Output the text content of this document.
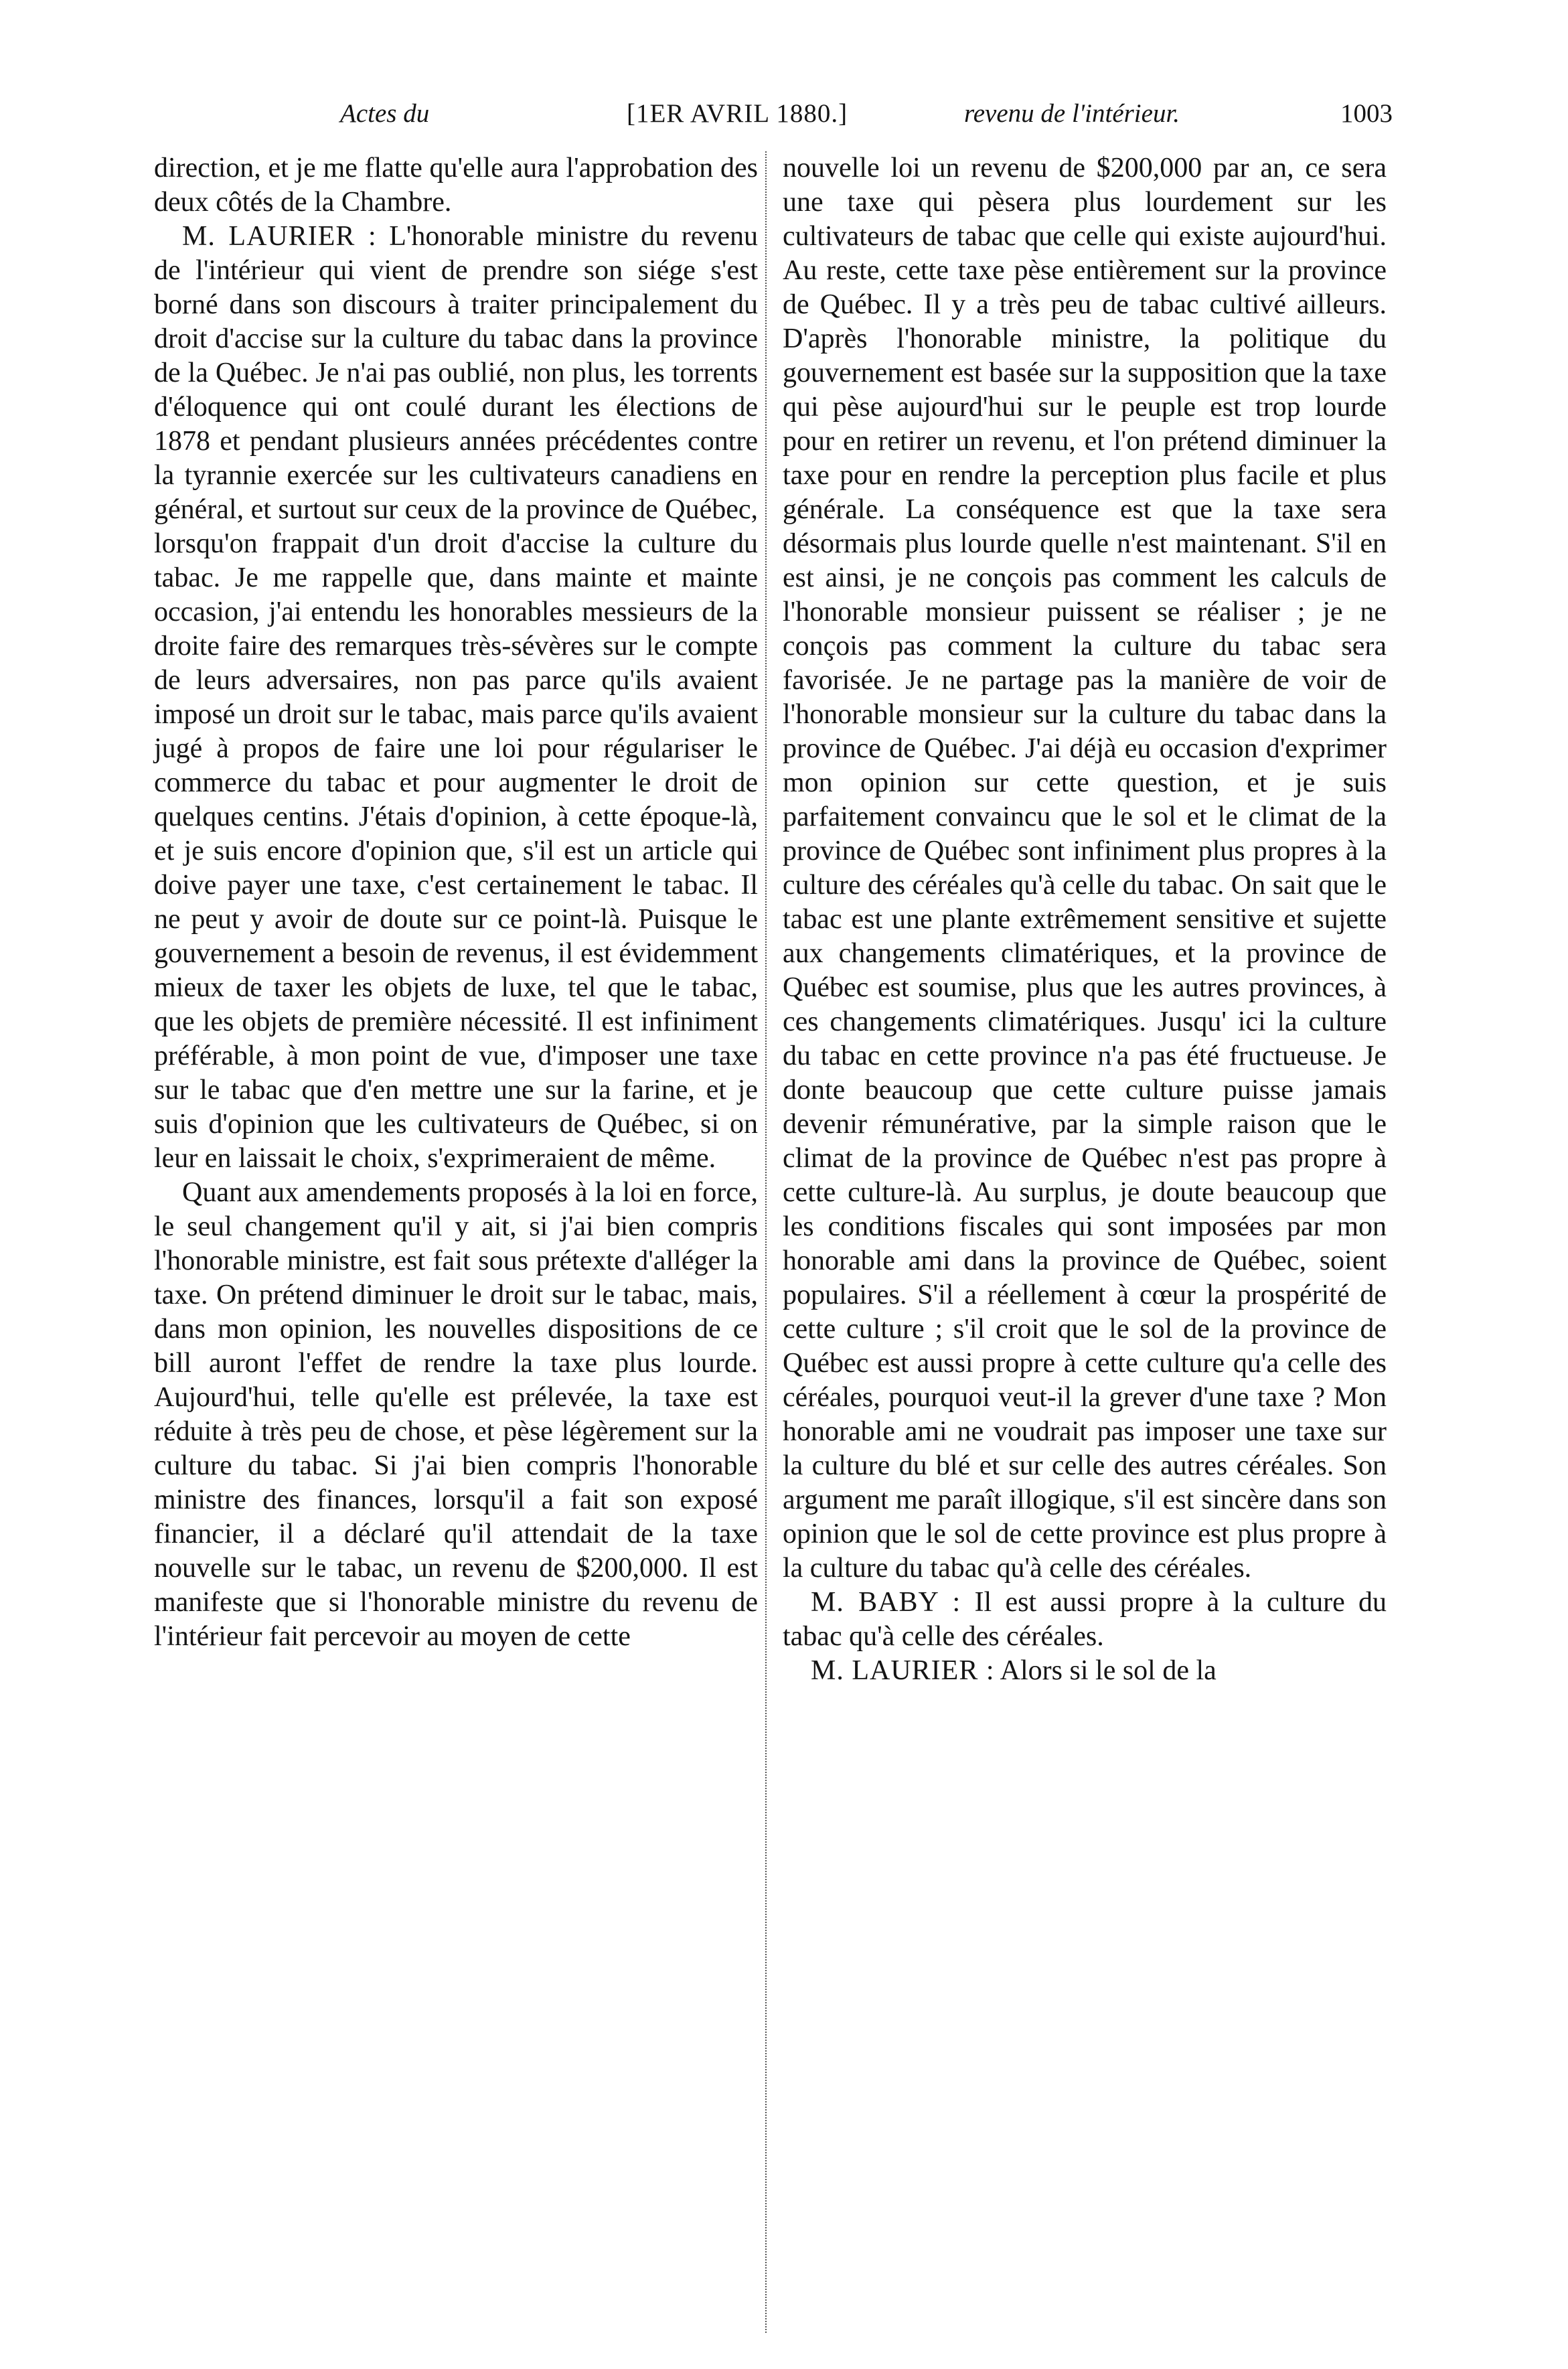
Actes du	[1ER AVRIL 1880.]	revenu de l'intérieur.	1003

direction, et je me flatte qu'elle aura l'approbation des deux côtés de la Chambre.

M. LAURIER : L'honorable ministre du revenu de l'intérieur qui vient de prendre son siége s'est borné dans son discours à traiter principalement du droit d'accise sur la culture du tabac dans la province de la Québec. Je n'ai pas oublié, non plus, les torrents d'éloquence qui ont coulé durant les élections de 1878 et pendant plusieurs années précédentes contre la tyrannie exercée sur les cultivateurs canadiens en général, et surtout sur ceux de la province de Québec, lorsqu'on frappait d'un droit d'accise la culture du tabac. Je me rappelle que, dans mainte et mainte occasion, j'ai entendu les honorables messieurs de la droite faire des remarques très-sévères sur le compte de leurs adversaires, non pas parce qu'ils avaient imposé un droit sur le tabac, mais parce qu'ils avaient jugé à propos de faire une loi pour régulariser le commerce du tabac et pour augmenter le droit de quelques centins. J'étais d'opinion, à cette époque-là, et je suis encore d'opinion que, s'il est un article qui doive payer une taxe, c'est certainement le tabac. Il ne peut y avoir de doute sur ce point-là. Puisque le gouvernement a besoin de revenus, il est évidemment mieux de taxer les objets de luxe, tel que le tabac, que les objets de première nécessité. Il est infiniment préférable, à mon point de vue, d'imposer une taxe sur le tabac que d'en mettre une sur la farine, et je suis d'opinion que les cultivateurs de Québec, si on leur en laissait le choix, s'exprimeraient de même.

Quant aux amendements proposés à la loi en force, le seul changement qu'il y ait, si j'ai bien compris l'honorable ministre, est fait sous prétexte d'alléger la taxe. On prétend diminuer le droit sur le tabac, mais, dans mon opinion, les nouvelles dispositions de ce bill auront l'effet de rendre la taxe plus lourde. Aujourd'hui, telle qu'elle est prélevée, la taxe est réduite à très peu de chose, et pèse légèrement sur la culture du tabac. Si j'ai bien compris l'honorable ministre des finances, lorsqu'il a fait son exposé financier, il a déclaré qu'il attendait de la taxe nouvelle sur le tabac, un revenu de $200,000. Il est manifeste que si l'honorable ministre du revenu de l'intérieur fait percevoir au moyen de cette

nouvelle loi un revenu de $200,000 par an, ce sera une taxe qui pèsera plus lourdement sur les cultivateurs de tabac que celle qui existe aujourd'hui. Au reste, cette taxe pèse entièrement sur la province de Québec. Il y a très peu de tabac cultivé ailleurs. D'après l'honorable ministre, la politique du gouvernement est basée sur la supposition que la taxe qui pèse aujourd'hui sur le peuple est trop lourde pour en retirer un revenu, et l'on prétend diminuer la taxe pour en rendre la perception plus facile et plus générale. La conséquence est que la taxe sera désormais plus lourde quelle n'est maintenant. S'il en est ainsi, je ne conçois pas comment les calculs de l'honorable monsieur puissent se réaliser ; je ne conçois pas comment la culture du tabac sera favorisée. Je ne partage pas la manière de voir de l'honorable monsieur sur la culture du tabac dans la province de Québec. J'ai déjà eu occasion d'exprimer mon opinion sur cette question, et je suis parfaitement convaincu que le sol et le climat de la province de Québec sont infiniment plus propres à la culture des céréales qu'à celle du tabac. On sait que le tabac est une plante extrêmement sensitive et sujette aux changements climatériques, et la province de Québec est soumise, plus que les autres provinces, à ces changements climatériques. Jusqu' ici la culture du tabac en cette province n'a pas été fructueuse. Je donte beaucoup que cette culture puisse jamais devenir rémunérative, par la simple raison que le climat de la province de Québec n'est pas propre à cette culture-là. Au surplus, je doute beaucoup que les conditions fiscales qui sont imposées par mon honorable ami dans la province de Québec, soient populaires. S'il a réellement à cœur la prospérité de cette culture ; s'il croit que le sol de la province de Québec est aussi propre à cette culture qu'a celle des céréales, pourquoi veut-il la grever d'une taxe ? Mon honorable ami ne voudrait pas imposer une taxe sur la culture du blé et sur celle des autres céréales. Son argument me paraît illogique, s'il est sincère dans son opinion que le sol de cette province est plus propre à la culture du tabac qu'à celle des céréales.

M. BABY : Il est aussi propre à la culture du tabac qu'à celle des céréales.

M. LAURIER : Alors si le sol de la
